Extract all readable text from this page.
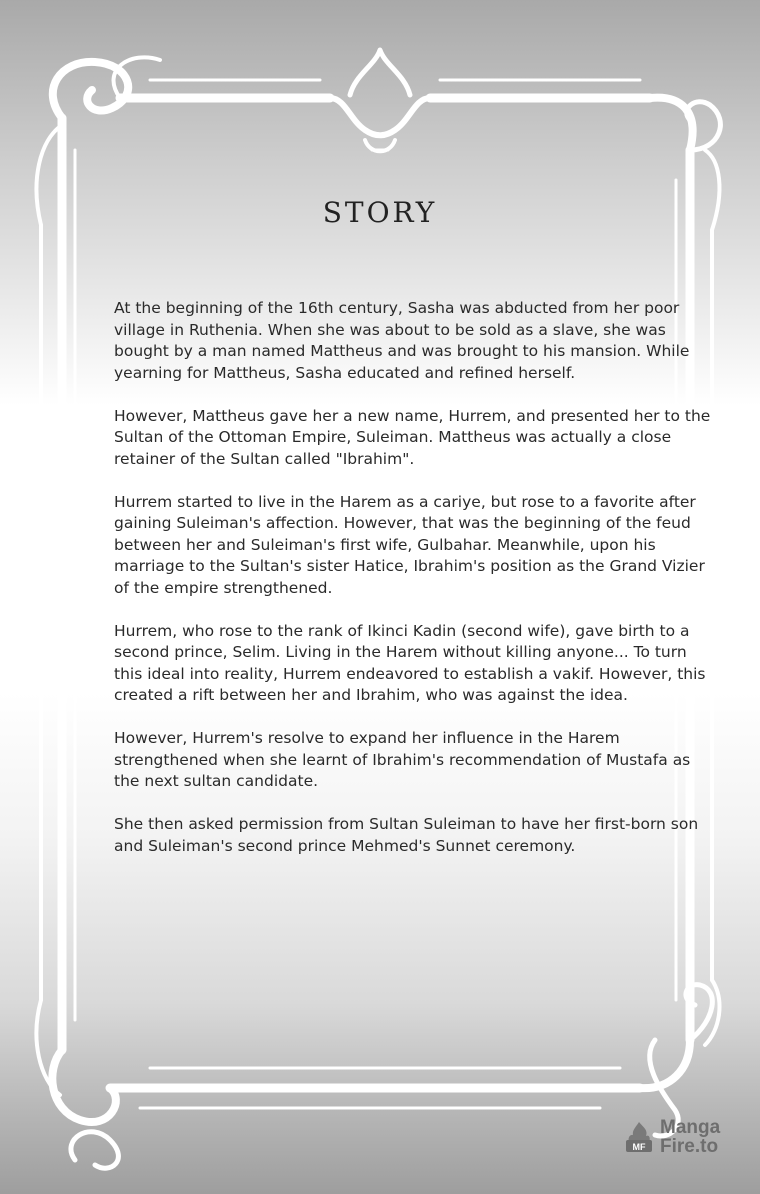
STORY

At the beginning of the 16th century, Sasha was abducted from her poor village in Ruthenia. When she was about to be sold as a slave, she was bought by a man named Mattheus and was brought to his mansion. While yearning for Mattheus, Sasha educated and refined herself.

However, Mattheus gave her a new name, Hurrem, and presented her to the Sultan of the Ottoman Empire, Suleiman. Mattheus was actually a close retainer of the Sultan called "Ibrahim".

Hurrem started to live in the Harem as a cariye, but rose to a favorite after gaining Suleiman's affection. However, that was the beginning of the feud between her and Suleiman's first wife, Gulbahar. Meanwhile, upon his marriage to the Sultan's sister Hatice, Ibrahim's position as the Grand Vizier of the empire strengthened.

Hurrem, who rose to the rank of Ikinci Kadin (second wife), gave birth to a second prince, Selim. Living in the Harem without killing anyone... To turn this ideal into reality, Hurrem endeavored to establish a vakif. However, this created a rift between her and Ibrahim, who was against the idea.

However, Hurrem's resolve to expand her influence in the Harem strengthened when she learnt of Ibrahim's recommendation of Mustafa as the next sultan candidate.

She then asked permission from Sultan Suleiman to have her first-born son and Suleiman's second prince Mehmed's Sunnet ceremony.

MF
Manga
Fire.to
